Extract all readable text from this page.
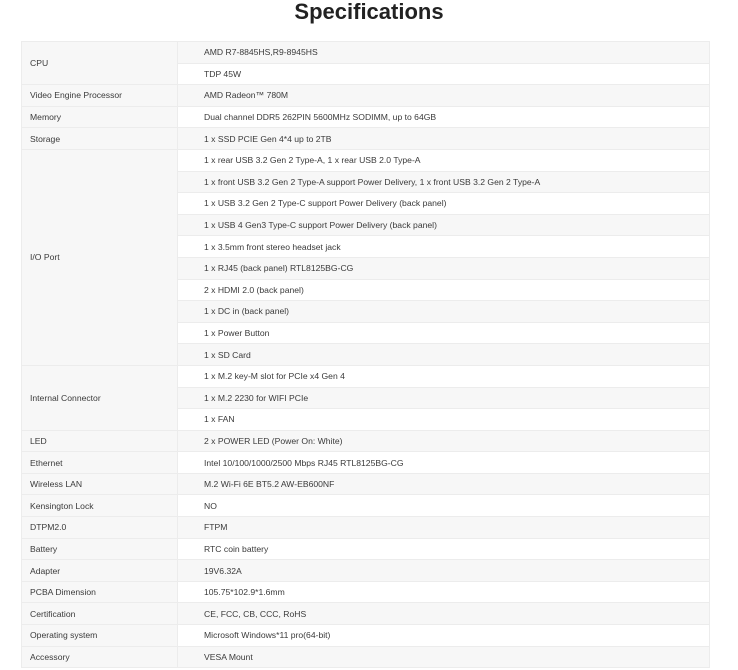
Specifications
CPU	AMD R7-8845HS,R9-8945HS
	TDP 45W
Video Engine Processor	AMD Radeon™ 780M
Memory	Dual channel DDR5 262PIN 5600MHz SODIMM, up to 64GB
Storage	1 x SSD PCIE Gen 4*4 up to 2TB
I/O Port	1 x rear USB 3.2 Gen 2 Type-A, 1 x rear USB 2.0 Type-A
	1 x front USB 3.2 Gen 2 Type-A support Power Delivery, 1 x front USB 3.2 Gen 2 Type-A
	1 x USB 3.2 Gen 2 Type-C support Power Delivery (back panel)
	1 x USB 4 Gen3 Type-C support Power Delivery (back panel)
	1 x 3.5mm front stereo headset jack
	1 x RJ45 (back panel) RTL8125BG-CG
	2 x HDMI 2.0 (back panel)
	1 x DC in (back panel)
	1 x Power Button
	1 x SD Card
Internal Connector	1 x M.2 key-M slot for PCIe x4 Gen 4
	1 x M.2 2230 for WIFI PCIe
	1 x FAN
LED	2 x POWER LED (Power On: White)
Ethernet	Intel 10/100/1000/2500 Mbps RJ45 RTL8125BG-CG
Wireless LAN	M.2 Wi-Fi 6E BT5.2 AW-EB600NF
Kensington Lock	NO
DTPM2.0	FTPM
Battery	RTC coin battery
Adapter	19V6.32A
PCBA Dimension	105.75*102.9*1.6mm
Certification	CE, FCC, CB, CCC, RoHS
Operating system	Microsoft Windows*11 pro(64-bit)
Accessory	VESA Mount
